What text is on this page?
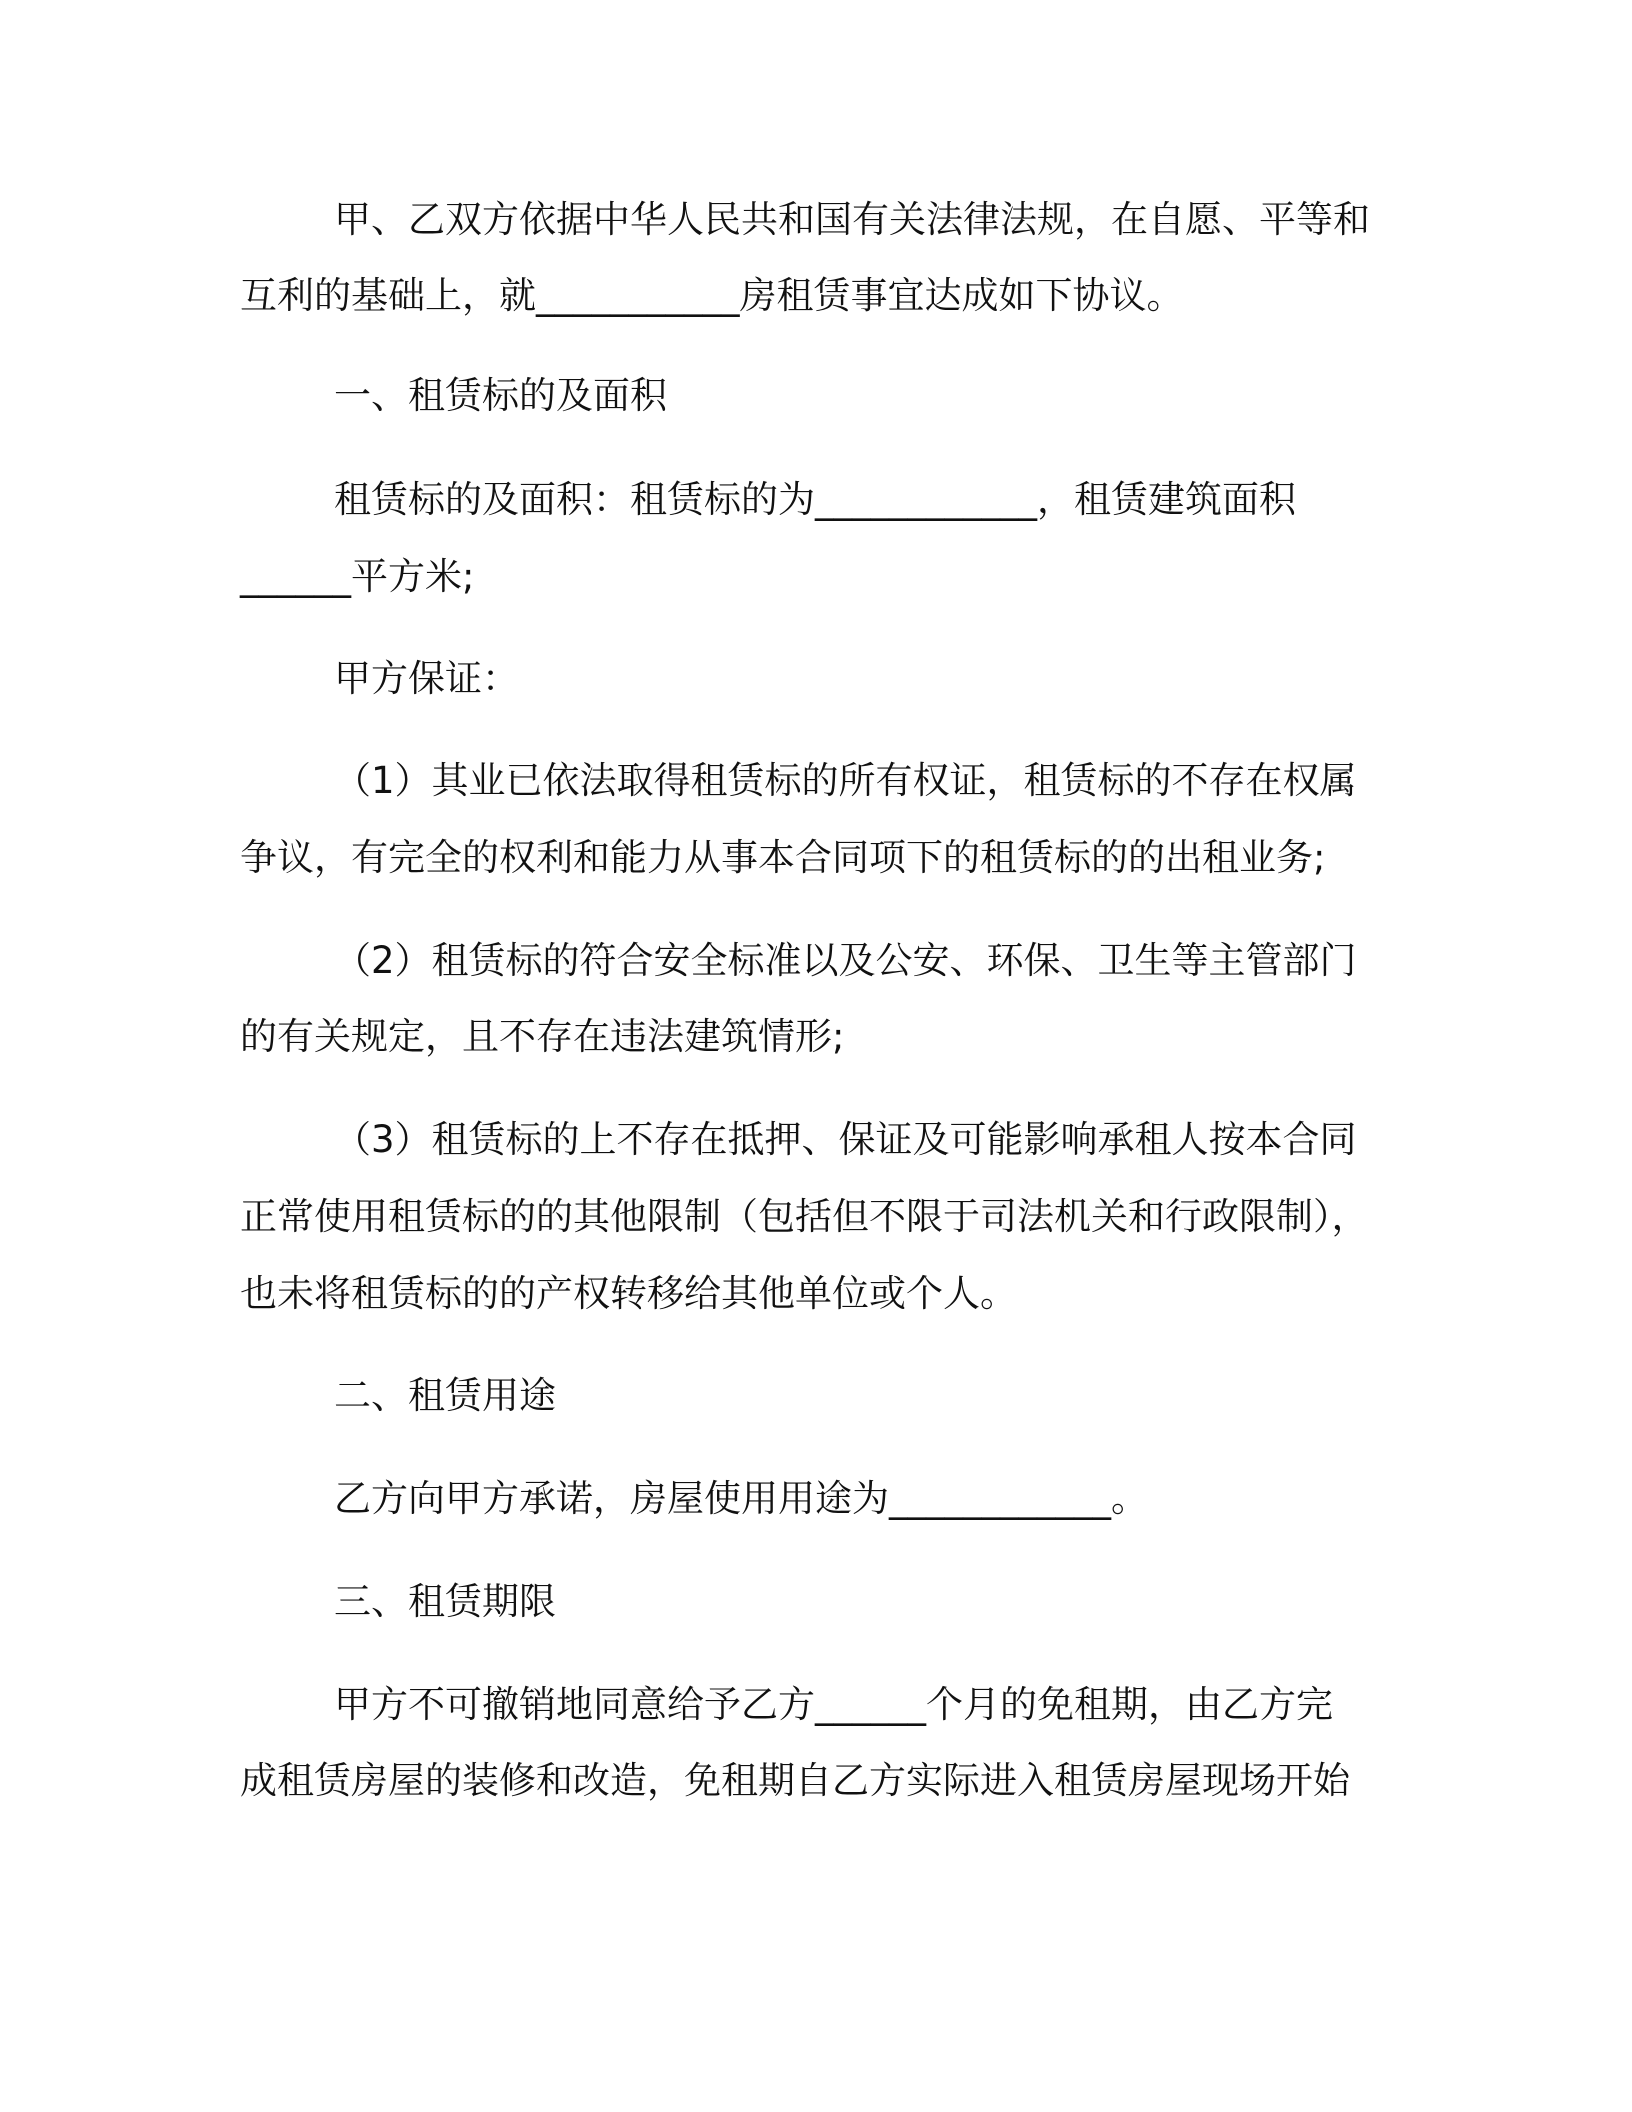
甲、乙双方依据中华人民共和国有关法律法规，在自愿、平等和
互利的基础上，就___________房租赁事宜达成如下协议。
一、租赁标的及面积
租赁标的及面积：租赁标的为____________，租赁建筑面积
______平方米;
甲方保证：
（1）其业已依法取得租赁标的所有权证，租赁标的不存在权属
争议，有完全的权利和能力从事本合同项下的租赁标的的出租业务;
（2）租赁标的符合安全标准以及公安、环保、卫生等主管部门
的有关规定，且不存在违法建筑情形;
（3）租赁标的上不存在抵押、保证及可能影响承租人按本合同
正常使用租赁标的的其他限制（包括但不限于司法机关和行政限制），
也未将租赁标的的产权转移给其他单位或个人。
二、租赁用途
乙方向甲方承诺，房屋使用用途为____________。
三、租赁期限
甲方不可撤销地同意给予乙方______个月的免租期，由乙方完
成租赁房屋的装修和改造，免租期自乙方实际进入租赁房屋现场开始
